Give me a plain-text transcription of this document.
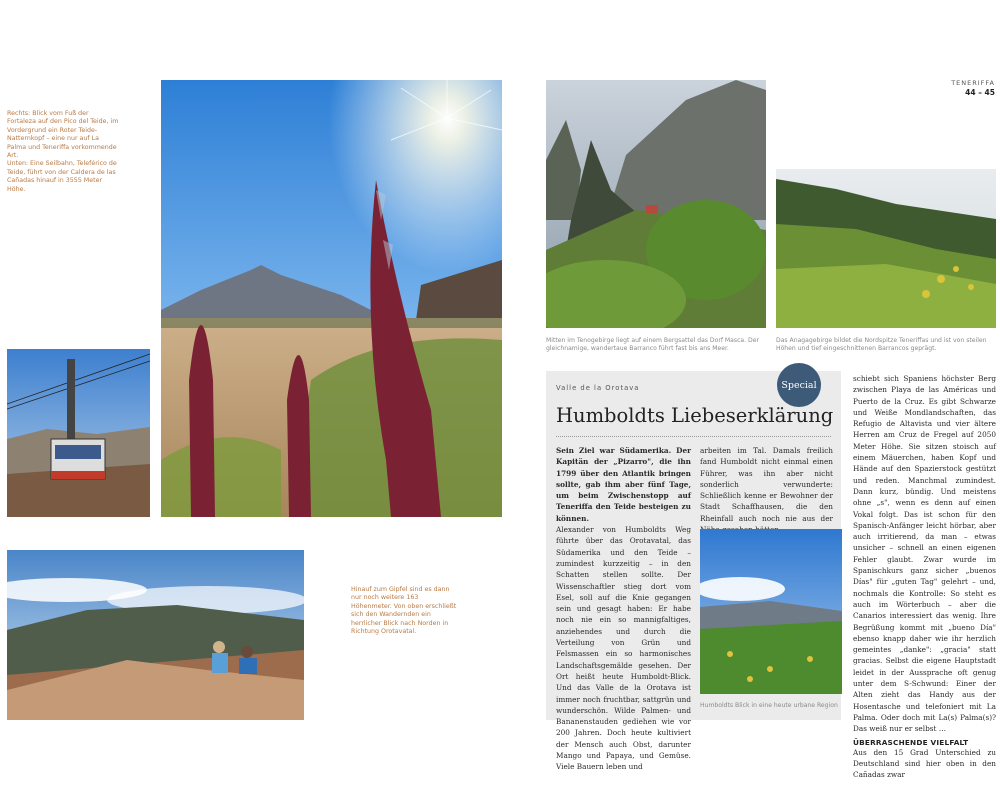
TENERIFFA
44 – 45
Rechts: Blick vom Fuß der Fortaleza auf den Pico del Teide, im Vordergrund ein Roter Teide-Natternkopf – eine nur auf La Palma und Teneriffa vorkommende Art.
Unten: Eine Seilbahn, Teleférico de Teide, führt von der Caldera de las Cañadas hinauf in 3555 Meter Höhe.
Hinauf zum Gipfel sind es dann nur noch weitere 163 Höhenmeter. Von oben erschließt sich den Wandernden ein herrlicher Blick nach Norden in Richtung Orotavatal.
Mitten im Tenogebirge liegt auf einem Bergsattel das Dorf Masca. Der gleichnamige, wandertaue Barranco führt fast bis ans Meer.
Das Anagagebirge bildet die Nordspitze Teneriffas und ist von steilen Höhen und tief eingeschnittenen Barrancos geprägt.
Special
Valle de la Orotava
Humboldts Liebeserklärung

Sein Ziel war Südamerika. Der Kapitän der „Pizarro", die ihn 1799 über den Atlantik bringen sollte, gab ihm aber fünf Tage, um beim Zwischenstopp auf Teneriffa den Teide besteigen zu können.

Alexander von Humboldts Weg führte über das Orotavatal, das Südamerika und den Teide – zumindest kurzzeitig – in den Schatten stellen sollte. Der Wissenschaftler stieg dort vom Esel, soll auf die Knie gegangen sein und gesagt haben: Er habe noch nie ein so mannigfaltiges, anziehendes und durch die Verteilung von Grün und Felsmassen ein so harmonisches Landschaftsgemälde gesehen. Der Ort heißt heute Humboldt-Blick. Und das Valle de la Orotava ist immer noch fruchtbar, sattgrün und wunderschön. Wilde Palmen- und Bananenstauden gediehen wie vor 200 Jahren. Doch heute kultiviert der Mensch auch Obst, darunter Mango und Papaya, und Gemüse. Viele Bauern leben und

arbeiten im Tal. Damals freilich fand Humboldt nicht einmal einen Führer, was ihn aber nicht sonderlich verwunderte: Schließlich kenne er Bewohner der Stadt Schaffhausen, die den Rheinfall auch noch nie aus der

Humboldts Blick in eine heute urbane Region

schiebt sich Spaniens höchster Berg zwischen Playa de las Américas und Puerto de la Cruz. Es gibt Schwarze und Weiße Mondlandschaften, das Refugio de Altavista und vier ältere Herren am Cruz de Fregel auf 2050 Meter Höhe. Sie sitzen stoisch auf einem Mäuerchen, haben Kopf und Hände auf den Spazierstock gestützt und reden. Manchmal zumindest. Dann kurz, bündig. Und meistens ohne „s", wenn es denn auf einen Vokal folgt. Das ist schon für den Spanisch-Anfänger leicht hörbar, aber auch irritierend, da man – etwas unsicher – schnell an einen eigenen Fehler glaubt. Zwar wurde im Spanischkurs ganz sicher „buenos Días" für „guten Tag" gelehrt – und, nochmals die Kontrolle: So steht es auch im Wörterbuch – aber die Canarios interessiert das wenig. Ihre Begrüßung kommt mit „bueno Día" ebenso knapp daher wie ihr herzlich gemeintes „danke": „gracia" statt gracias. Selbst die eigene Hauptstadt leidet in der Aussprache oft genug unter dem S-Schwund: Einer der Alten zieht das Handy aus der Hosentasche und telefoniert mit La Palma. Oder doch mit La(s) Palma(s)? Das weiß nur er selbst …

ÜBERRASCHENDE VIELFALT

Aus den 15 Grad Unterschied zu Deutschland sind hier oben in den Cañadas zwar
